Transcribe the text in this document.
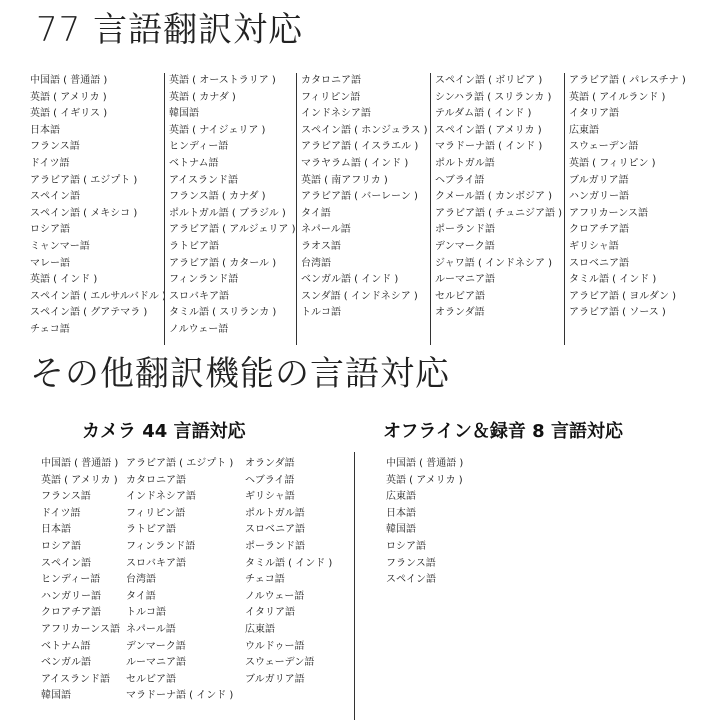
77 言語翻訳対応
中国語 ( 普通語 )
英語 ( アメリカ )
英語 ( イギリス )
日本語
フランス語
ドイツ語
アラビア語 ( エジプト )
スペイン語
スペイン語 ( メキシコ )
ロシア語
ミャンマー語
マレー語
英語 ( インド )
スペイン語 ( エルサルバドル )
スペイン語 ( グアテマラ )
チェコ語
英語 ( オーストラリア )
英語 ( カナダ )
韓国語
英語 ( ナイジェリア )
ヒンディー語
ベトナム語
アイスランド語
フランス語 ( カナダ )
ポルトガル語 ( ブラジル )
アラビア語 ( アルジェリア )
ラトビア語
アラビア語 ( カタール )
フィンランド語
スロバキア語
タミル語 ( スリランカ )
ノルウェー語
カタロニア語
フィリピン語
インドネシア語
スペイン語 ( ホンジュラス )
アラビア語 ( イスラエル )
マラヤラム語 ( インド )
英語 ( 南アフリカ )
アラビア語 ( バーレーン )
タイ語
ネパール語
ラオス語
台湾語
ベンガル語 ( インド )
スンダ語 ( インドネシア )
トルコ語
スペイン語 ( ボリビア )
シンハラ語 ( スリランカ )
テルダム語 ( インド )
スペイン語 ( アメリカ )
マラドーナ語 ( インド )
ポルトガル語
ヘブライ語
クメール語 ( カンボジア )
アラビア語 ( チュニジア語 )
ポーランド語
デンマーク語
ジャワ語 ( インドネシア )
ルーマニア語
セルビア語
オランダ語
アラビア語 ( パレスチナ )
英語 ( アイルランド )
イタリア語
広東語
スウェーデン語
英語 ( フィリピン )
ブルガリア語
ハンガリー語
アフリカーンス語
クロアチア語
ギリシャ語
スロベニア語
タミル語 ( インド )
アラビア語 ( ヨルダン )
アラビア語 ( ソース )
その他翻訳機能の言語対応
カメラ 44 言語対応	オフライン＆録音 8 言語対応
中国語 ( 普通語 )
英語 ( アメリカ )
フランス語
ドイツ語
日本語
ロシア語
スペイン語
ヒンディー語
ハンガリー語
クロアチア語
アフリカーンス語
ベトナム語
ベンガル語
アイスランド語
韓国語
アラビア語 ( エジプト )
カタロニア語
インドネシア語
フィリピン語
ラトビア語
フィンランド語
スロバキア語
台湾語
タイ語
トルコ語
ネパール語
デンマーク語
ルーマニア語
セルビア語
マラドーナ語 ( インド )
オランダ語
ヘブライ語
ギリシャ語
ポルトガル語
スロベニア語
ポーランド語
タミル語 ( インド )
チェコ語
ノルウェー語
イタリア語
広東語
ウルドゥー語
スウェーデン語
ブルガリア語
中国語 ( 普通語 )
英語 ( アメリカ )
広東語
日本語
韓国語
ロシア語
フランス語
スペイン語
